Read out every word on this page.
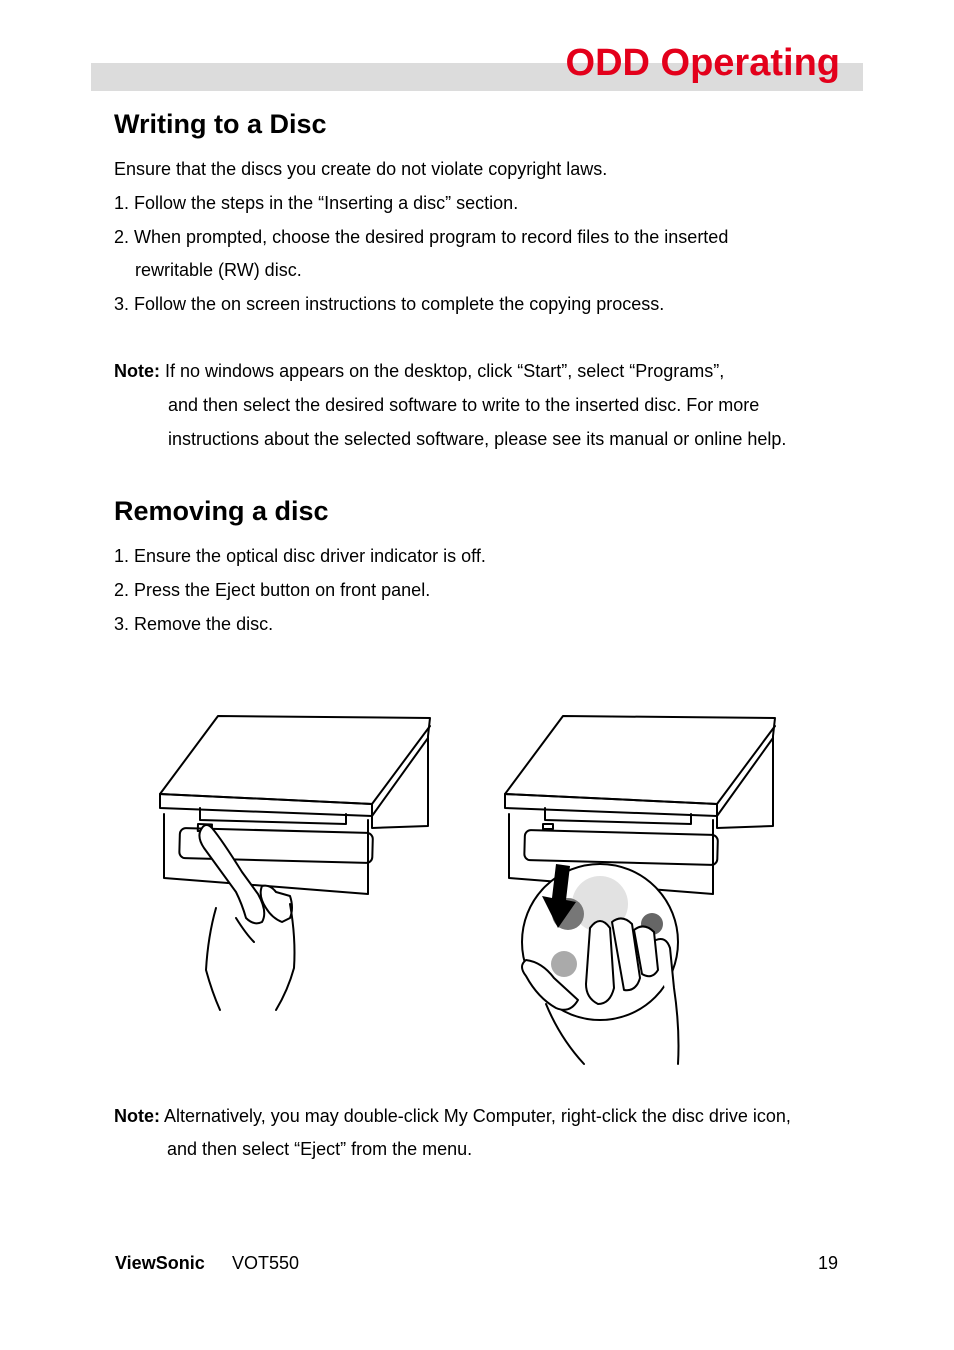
ODD Operating
Writing to a Disc
Ensure that the discs you create do not violate copyright laws.
1. Follow the steps in the “Inserting a disc” section.
2. When prompted, choose the desired program to record files to the inserted
rewritable (RW) disc.
3. Follow the on screen instructions to complete the copying process.
Note: If no windows appears on the desktop, click “Start”, select “Programs”,
and then select the desired software to write to the inserted disc. For more
instructions about the selected software, please see its manual or online help.
Removing a disc
1. Ensure the optical disc driver indicator is off.
2. Press the Eject button on front panel.
3. Remove the disc.
Note: Alternatively, you may double-click My Computer, right-click the disc drive icon,
and then select “Eject” from the menu.
ViewSonic VOT550	19
